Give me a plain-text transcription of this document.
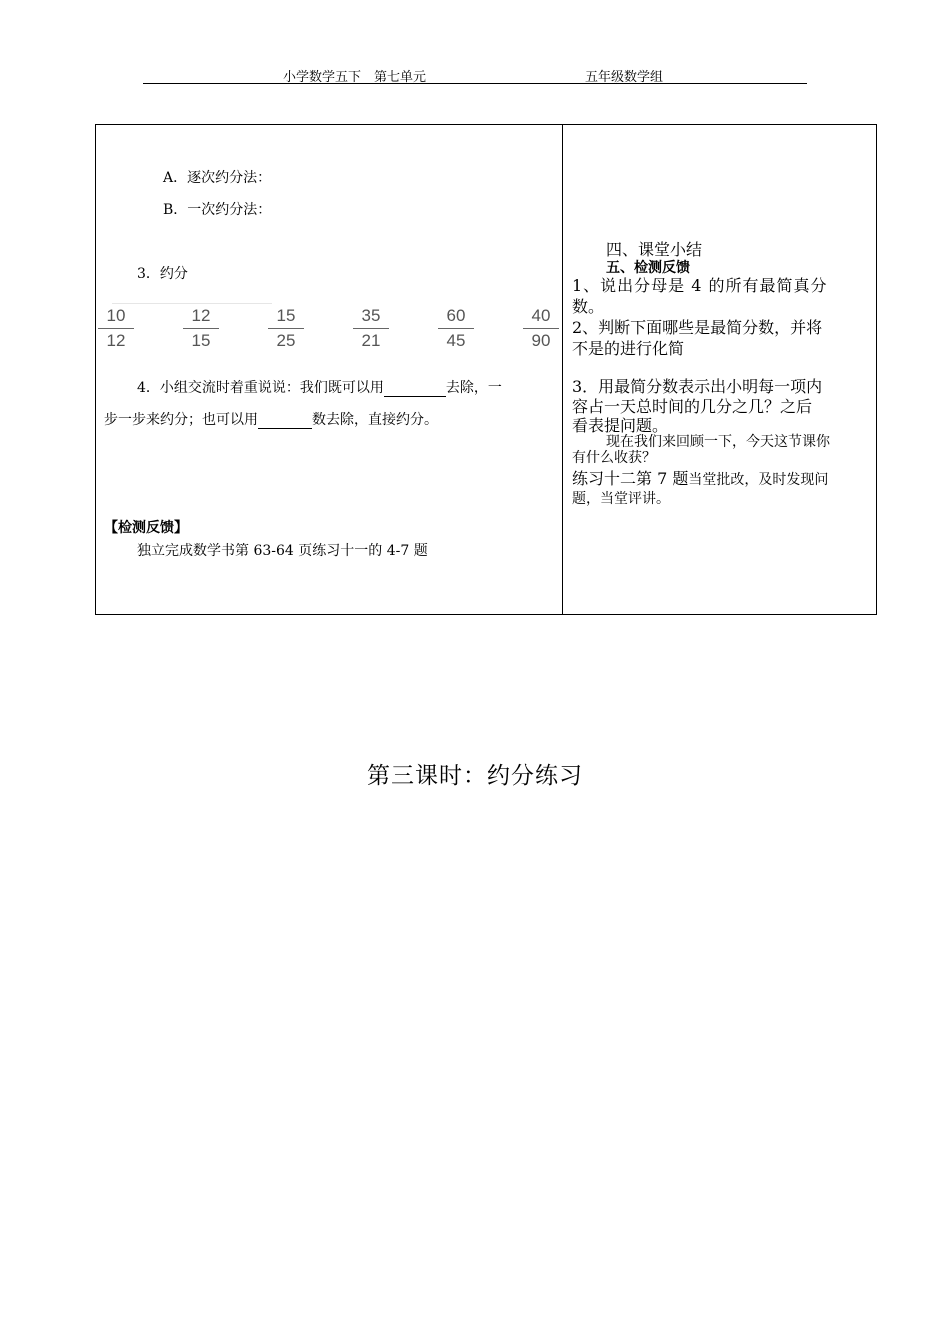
小学数学五下　第七单元	五年级数学组
A．逐次约分法：
B．一次约分法：
3．约分
10
12
12
15
15
25
35
21
60
45
40
90
4．小组交流时着重说说：我们既可以用	去除，一
步一步来约分；也可以用	数去除，直接约分。
【检测反馈】
独立完成数学书第 63-64 页练习十一的 4-7 题
四、课堂小结
五、检测反馈
1、说出分母是 4 的所有最简真分
数。
2、判断下面哪些是最简分数，并将
不是的进行化简
3．用最简分数表示出小明每一项内
容占一天总时间的几分之几？之后
看表提问题。
现在我们来回顾一下，今天这节课你
有什么收获？
练习十二第 7 题当堂批改，及时发现问
题，当堂评讲。
第三课时：约分练习
